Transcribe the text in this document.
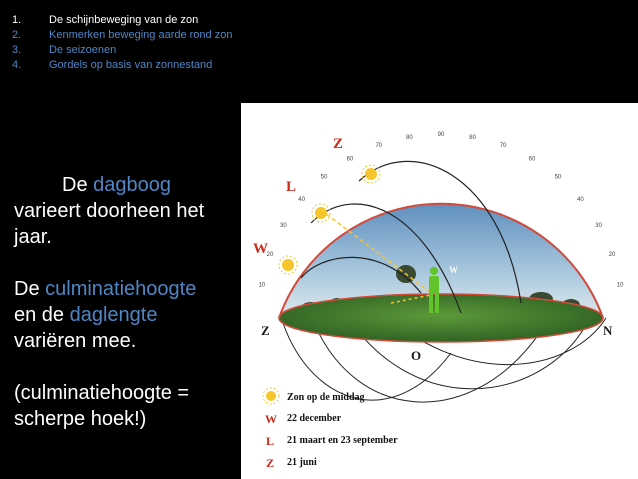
1.	De schijnbeweging van de zon
2.	Kenmerken beweging aarde rond zon
3.	De seizoenen
4.	Gordels op basis van zonnestand

De dagboog
varieert doorheen het jaar.

De culminatiehoogte
en de daglengte
variëren mee.

(culminatiehoogte = scherpe hoek!)

W
10
20
30
40
50
60
70
80	90	80
70
60
50
40
30
20
10
Z
L
W
Z	N
O
Zon op de middag
W 22 december
L 21 maart en 23 september
Z 21 juni
